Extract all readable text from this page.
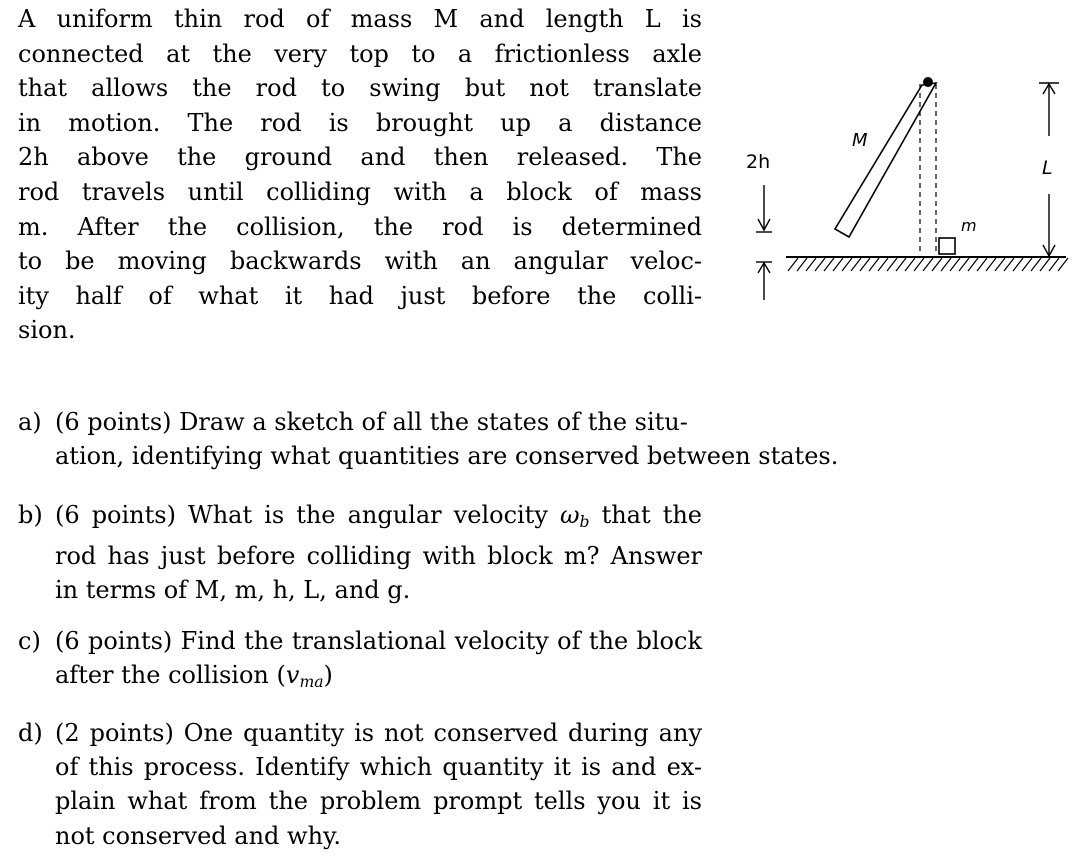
A uniform thin rod of mass M and length L is
connected at the very top to a frictionless axle
that allows the rod to swing but not translate
in motion. The rod is brought up a distance
2h above the ground and then released. The
rod travels until colliding with a block of mass
m. After the collision, the rod is determined
to be moving backwards with an angular veloc-
ity half of what it had just before the colli-
sion.
M
m
2h	L
a) (6 points) Draw a sketch of all the states of the situ-
ation, identifying what quantities are conserved between states.
b) (6 points) What is the angular velocity $\omega_b$ that the
rod has just before colliding with block m? Answer
in terms of M, m, h, L, and g.
c) (6 points) Find the translational velocity of the block
after the collision $(v_{ma})$
d) (2 points) One quantity is not conserved during any
of this process. Identify which quantity it is and ex-
plain what from the problem prompt tells you it is
not conserved and why.
